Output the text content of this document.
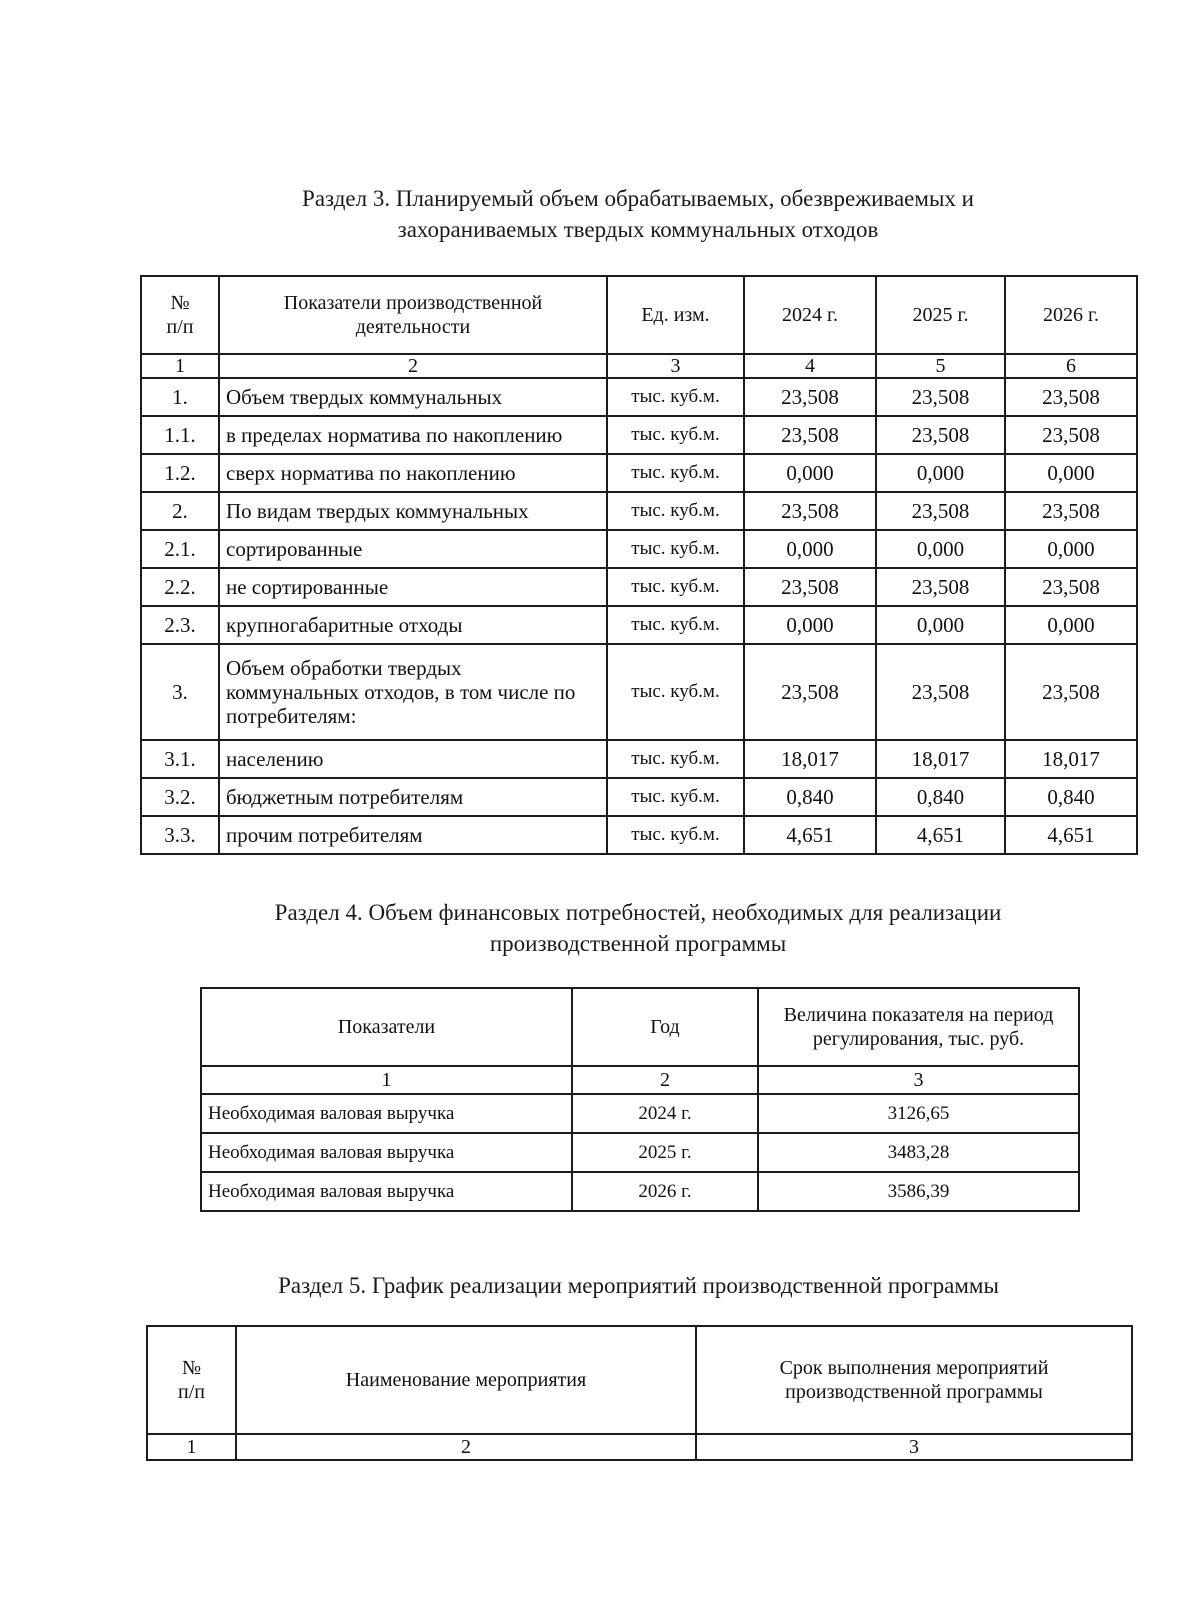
Раздел 3. Планируемый объем обрабатываемых, обезвреживаемых и
захораниваемых твердых коммунальных отходов
№
п/п	Показатели производственной деятельности	Ед. изм.	2024 г.	2025 г.	2026 г.
1	2	3	4	5	6
1.	Объем твердых коммунальных	тыс. куб.м.	23,508	23,508	23,508
1.1.	в пределах норматива по накоплению	тыс. куб.м.	23,508	23,508	23,508
1.2.	сверх норматива по накоплению	тыс. куб.м.	0,000	0,000	0,000
2.	По видам твердых коммунальных	тыс. куб.м.	23,508	23,508	23,508
2.1.	сортированные	тыс. куб.м.	0,000	0,000	0,000
2.2.	не сортированные	тыс. куб.м.	23,508	23,508	23,508
2.3.	крупногабаритные отходы	тыс. куб.м.	0,000	0,000	0,000
3.	Объем обработки твердых коммунальных отходов, в том числе по потребителям:	тыс. куб.м.	23,508	23,508	23,508
3.1.	населению	тыс. куб.м.	18,017	18,017	18,017
3.2.	бюджетным потребителям	тыс. куб.м.	0,840	0,840	0,840
3.3.	прочим потребителям	тыс. куб.м.	4,651	4,651	4,651
Раздел 4. Объем финансовых потребностей, необходимых для реализации
производственной программы
Показатели	Год	Величина показателя на период регулирования, тыс. руб.
1	2	3
Необходимая валовая выручка	2024 г.	3126,65
Необходимая валовая выручка	2025 г.	3483,28
Необходимая валовая выручка	2026 г.	3586,39
Раздел 5. График реализации мероприятий производственной программы
№
п/п	Наименование мероприятия	Срок выполнения мероприятий производственной программы
1	2	3
